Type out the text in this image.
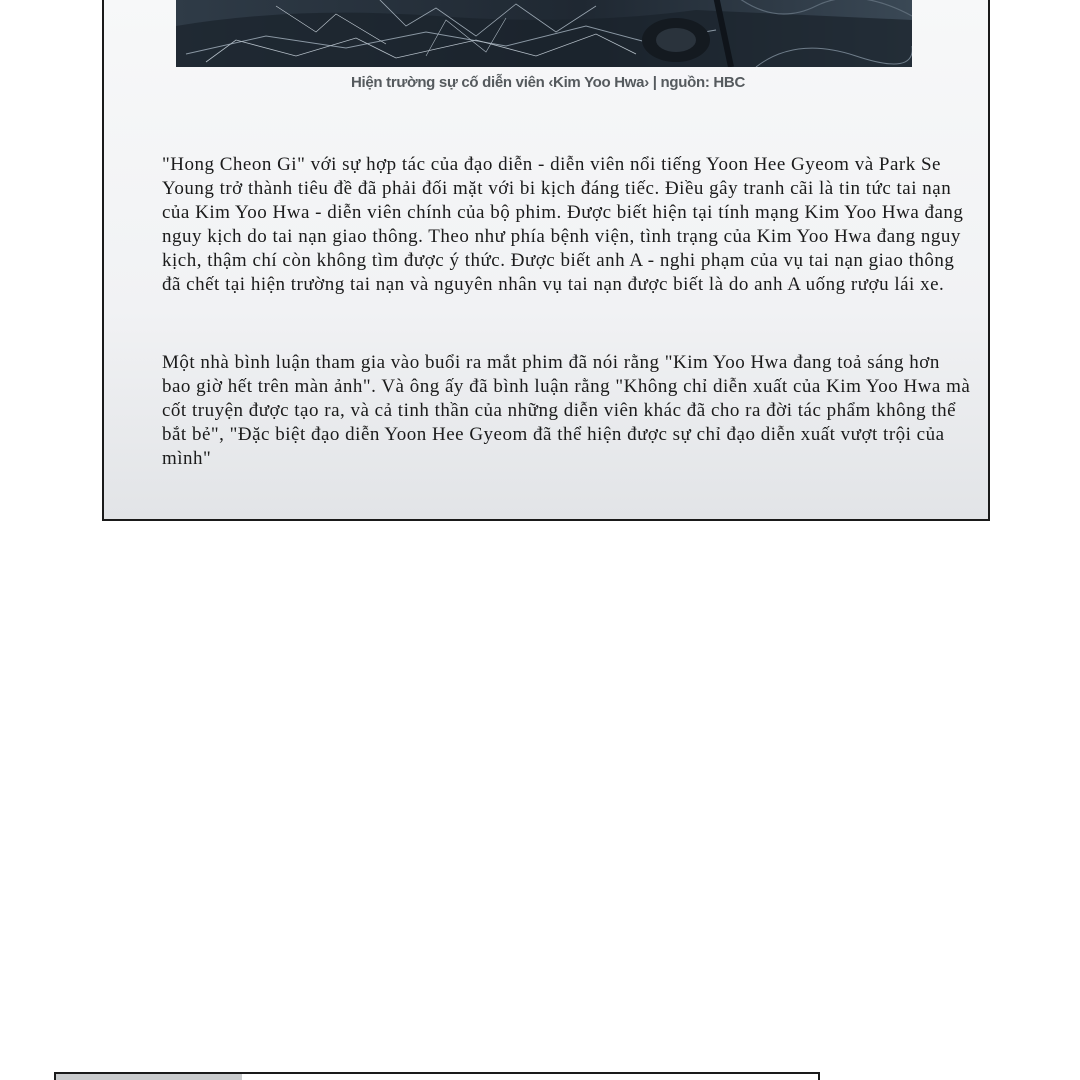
Hiện trường sự cố diễn viên ‹Kim Yoo Hwa› | nguồn: HBC

"Hong Cheon Gi" với sự hợp tác của đạo diễn - diễn viên nổi tiếng Yoon Hee Gyeom và Park Se Young trở thành tiêu đề đã phải đối mặt với bi kịch đáng tiếc. Điều gây tranh cãi là tin tức tai nạn của Kim Yoo Hwa - diễn viên chính của bộ phim. Được biết hiện tại tính mạng Kim Yoo Hwa đang nguy kịch do tai nạn giao thông. Theo như phía bệnh viện, tình trạng của Kim Yoo Hwa đang nguy kịch, thậm chí còn không tìm được ý thức. Được biết anh A - nghi phạm của vụ tai nạn giao thông đã chết tại hiện trường tai nạn và nguyên nhân vụ tai nạn được biết là do anh A uống rượu lái xe.

Một nhà bình luận tham gia vào buổi ra mắt phim đã nói rằng "Kim Yoo Hwa đang toả sáng hơn bao giờ hết trên màn ảnh". Và ông ấy đã bình luận rằng "Không chỉ diễn xuất của Kim Yoo Hwa mà cốt truyện được tạo ra, và cả tinh thần của những diễn viên khác đã cho ra đời tác phẩm không thể bắt bẻ", "Đặc biệt đạo diễn Yoon Hee Gyeom đã thể hiện được sự chỉ đạo diễn xuất vượt trội của mình"
